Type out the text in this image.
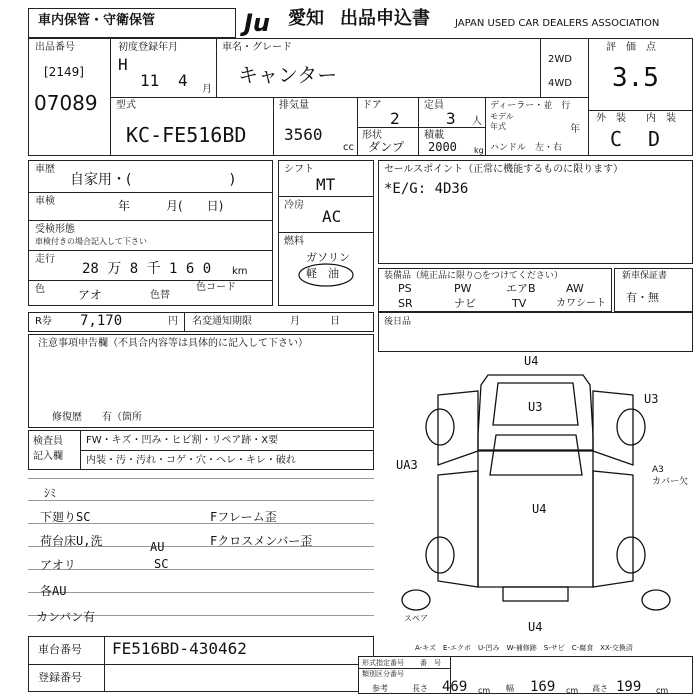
車内保管・守衛保管	Ju 愛知 出品申込書	JAPAN USED CAR DEALERS ASSOCIATION
出品番号
[2149]
07089
初度登録年月
H
11 4 月
車名・グレード
キャンター
2WD
4WD
評　価　点
3.5
外　装 内　装
C D
型式
KC-FE516BD
排気量
3560
cc
ドア
2
定員
3 人
ディーラー・並　行
モデル
年式	年
形状
ダンプ
積載
2000 kg ハンドル　左・右
車歴
自家用・(　　　　　　　)
車検	年　　　月(　　日)
受検形態
車検付きの場合記入して下さい
走行
28 万 8 千 1 6 0 km
色	アオ	色替
色コード
シフト
MT
冷房
AC
燃料
ガソリン
軽　油
セールスポイント（正常に機能するものに限ります）
*E/G: 4D36
装備品（純正品に限り○をつけてください）
PS	PW	エアB	AW
SR	ナビ	TV	カワシート
新車保証書
有・無
R券 7,170	円 名変通知期限	月　　　日	後日品
注意事項申告欄（不具合内容等は具体的に記入して下さい）
修復歴　　有（箇所
検査員
記入欄
FW・キズ・凹み・ヒビ割・リペア跡・X要
内装・汚・汚れ・コゲ・穴・ヘレ・キレ・破れ
ｼﾐ
下廻りSC
荷台床U,洗	AU
SC
アオリ
各AU
カンバン有
Fフレーム歪
Fクロスメンバー歪
車台番号 FE516BD-430462
登録番号
U4
U3
U3
UA3	A3
カバー欠
U4
U4
スペア
A-キズ　E-エクボ　U-凹み　W-補修跡　S-サビ　C-腐食　XX-交換済
形式指定番号
類別区分番号
番　号
参考	長さ 469 cm 幅 169 cm 高さ 199 cm
